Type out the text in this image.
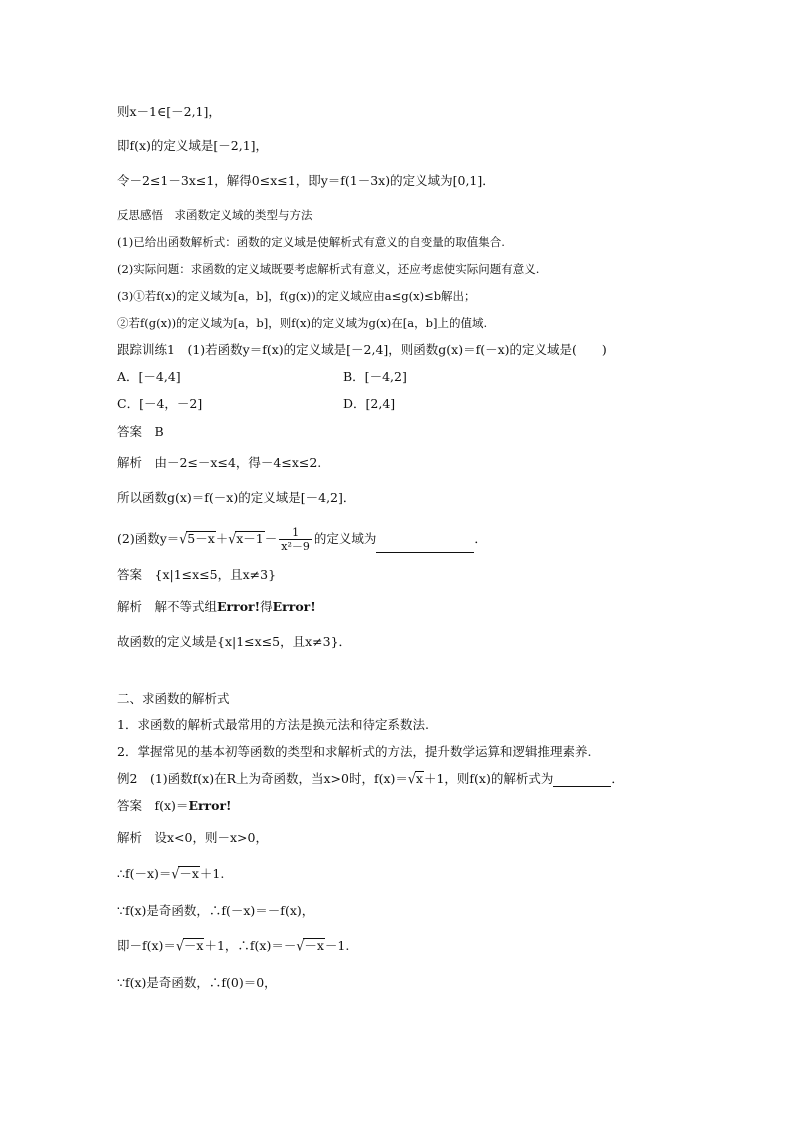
则x－1∈[－2,1]，
即f(x)的定义域是[－2,1]，
令－2≤1－3x≤1，解得0≤x≤1，即y＝f(1－3x)的定义域为[0,1]．
反思感悟　 求函数定义域的类型与方法
(1)已给出函数解析式：函数的定义域是使解析式有意义的自变量的取值集合.
(2)实际问题：求函数的定义域既要考虑解析式有意义，还应考虑使实际问题有意义.
(3)①若f(x)的定义域为[a，b]，f(g(x))的定义域应由a≤g(x)≤b解出；
②若f(g(x))的定义域为[a，b]，则f(x)的定义域为g(x)在[a，b]上的值域.
跟踪训练1　(1)若函数y＝f(x)的定义域是[－2,4]，则函数g(x)＝f(－x)的定义域是(　　)
A．[－4,4]	B．[－4,2]
C．[－4，－2]	D．[2,4]
答案　B
解析　由－2≤－x≤4，得－4≤x≤2.
所以函数g(x)＝f(－x)的定义域是[－4,2]．
(2)函数$y=√5-x+√x-1- \frac{1}{\text{x²－9}}$ 的定义域为	．
答案　{x|1≤x≤5，且x≠3}
解析　解不等式组Error!得Error!
故函数的定义域是{x|1≤x≤5，且x≠3}．
二、求函数的解析式
1．求函数的解析式最常用的方法是换元法和待定系数法.
2．掌握常见的基本初等函数的类型和求解析式的方法，提升数学运算和逻辑推理素养.
例2　(1)函数f(x)在R上为奇函数，当x>0时，f(x)＝√x＋1，则f(x)的解析式为	．
答案　f(x)＝Error!
解析　设x<0，则－x>0，
∴f(－x)＝√－x＋1.
∵f(x)是奇函数，∴f(－x)＝－f(x)，
即－f(x)＝√－x＋1，∴f(x)＝－√－x－1.
∵f(x)是奇函数，∴f(0)＝0，
